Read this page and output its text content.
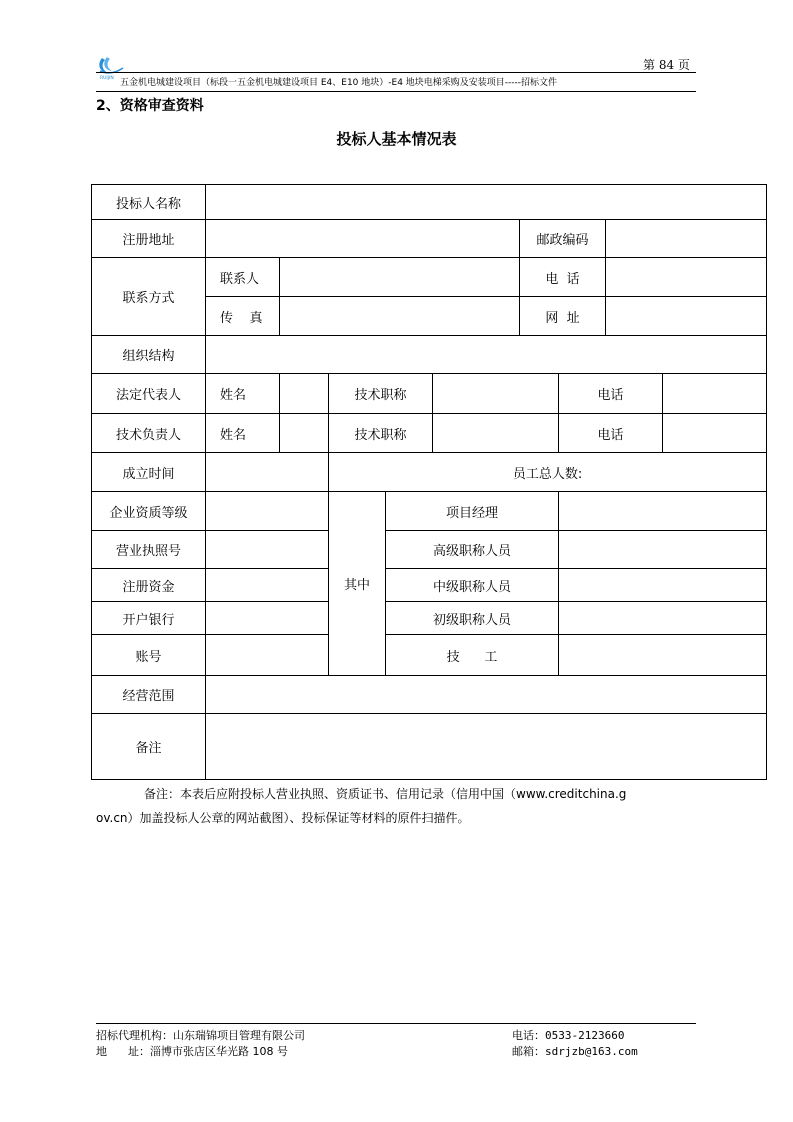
RUIJIN
第 84 页
五金机电城建设项目（标段一五金机电城建设项目 E4、E10 地块）-E4 地块电梯采购及安装项目-----招标文件
2、资格审查资料
投标人基本情况表
投标人名称									
注册地址						邮政编码			
联系方式	联系人					电  话			
	传    真					网  址			
组织结构									
法定代表人	姓名		技术职称				电话		
技术负责人	姓名		技术职称				电话		
成立时间			员工总人数:						
企业资质等级			其中	项目经理					
营业执照号				高级职称人员					
注册资金				中级职称人员					
开户银行				初级职称人员					
账号				技      工					
经营范围									
备注									
备注：本表后应附投标人营业执照、资质证书、信用记录（信用中国（www.creditchina.g
ov.cn）加盖投标人公章的网站截图）、投标保证等材料的原件扫描件。
招标代理机构：山东瑞锦项目管理有限公司	电话：0533-2123660
地      址：淄博市张店区华光路 108 号	邮箱：sdrjzb@163.com
